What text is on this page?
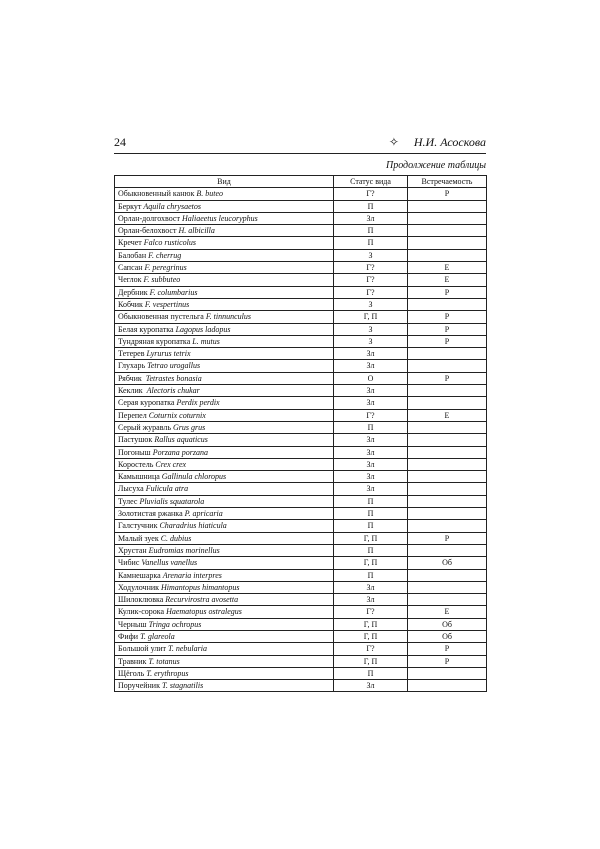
24	✧ Н.И. Асоскова
Продолжение таблицы
Вид	Статус вида	Встречаемость
Обыкновенный канюк B. buteo	Г?	Р
Беркут Aquila chrysaetos	П	
Орлан-долгохвост Haliaeetus leucoryphus	Зл	
Орлан-белохвост H. albicilla	П	
Кречет Falco rusticolus	П	
Балобан F. cherrug	З	
Сапсан F. peregrinus	Г?	Е
Чеглок F. subbuteo	Г?	Е
Дербник F. columbarius	Г?	Р
Кобчик F. vespertinus	З	
Обыкновенная пустельга F. tinnunculus	Г, П	Р
Белая куропатка Lagopus ladopus	З	Р
Тундряная куропатка L. mutus	З	Р
Тетерев Lyrurus tetrix	Зл	
Глухарь Tetrao urogallus	Зл	
Рябчик  Tetrastes bonasia	О	Р
Кеклик  Alectoris chukar	Зл	
Серая куропатка Perdix perdix	Зл	
Перепел Coturnix coturnix	Г?	Е
Серый журавль Grus grus	П	
Пастушок Rallus aquaticus	Зл	
Погоныш Porzana porzana	Зл	
Коростель Crex crex	Зл	
Камышница Gallinula chloropus	Зл	
Лысуха Fulicula atra	Зл	
Тулес Pluvialis squatarola	П	
Золотистая ржанка P. apricaria	П	
Галстучник Charadrius hiaticula	П	
Малый зуек C. dubius	Г, П	Р
Хрустан Eudromias morinellus	П	
Чибис Vanellus vanellus	Г, П	Об
Камнешарка Arenaria interpres	П	
Ходулочник Himantopus himantopus	Зл	
Шилоклювка Recurvirostra avosetta	Зл	
Кулик-сорока Haematopus ostralegus	Г?	Е
Черныш Tringa ochropus	Г, П	Об
Фифи T. glareola	Г, П	Об
Большой улит T. nebularia	Г?	Р
Травник T. totanus	Г, П	Р
Щёголь T. erythropus	П	
Поручейник T. stagnatilis	Зл	
